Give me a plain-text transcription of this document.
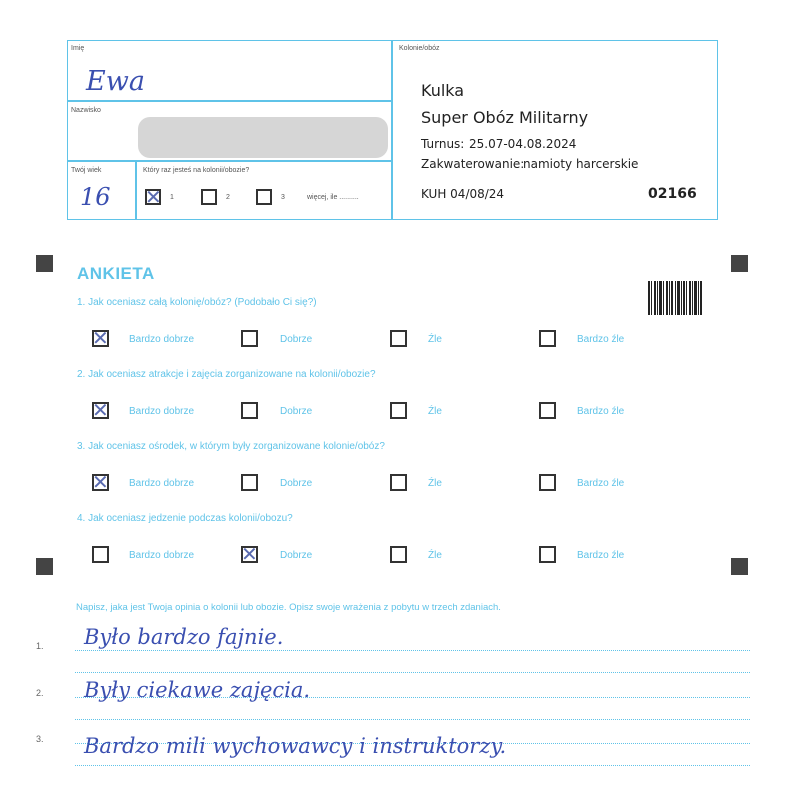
Imię
Ewa
Nazwisko
Twój wiek
16
Który raz jesteś na kolonii/obozie?
✕ 1	2	3	więcej, ile ..........
Kolonie/obóz
Kulka
Super Obóz Militarny
Turnus: 25.07-04.08.2024
Zakwaterowanie:
namioty harcerskie
KUH 04/08/24	02166
ANKIETA
1. Jak oceniasz całą kolonię/obóz? (Podobało Ci się?)
✕ Bardzo dobrze	Dobrze	Źle	Bardzo źle
2. Jak oceniasz atrakcje i zajęcia zorganizowane na kolonii/obozie?
✕ Bardzo dobrze	Dobrze	Źle	Bardzo źle
3. Jak oceniasz ośrodek, w którym były zorganizowane kolonie/obóz?
✕ Bardzo dobrze	Dobrze	Źle	Bardzo źle
4. Jak oceniasz jedzenie podczas kolonii/obozu?
Bardzo dobrze ✕ Dobrze	Źle	Bardzo źle
Napisz, jaka jest Twoja opinia o kolonii lub obozie. Opisz swoje wrażenia z pobytu w trzech zdaniach.
1.
2.
3.
Było bardzo fajnie.
Były ciekawe zajęcia.
Bardzo mili wychowawcy i instruktorzy.
